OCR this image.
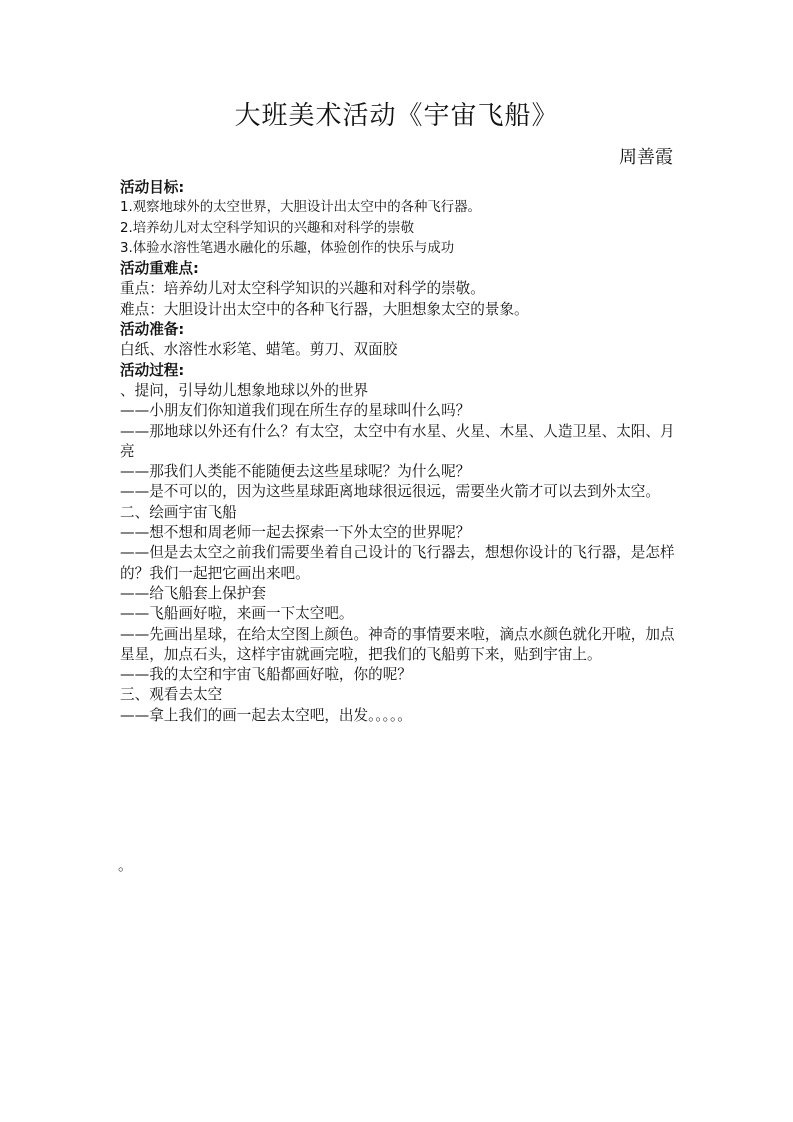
大班美术活动《宇宙飞船》
周善霞
活动目标:
1.观察地球外的太空世界，大胆设计出太空中的各种飞行器。
2.培养幼儿对太空科学知识的兴趣和对科学的崇敬
3.体验水溶性笔遇水融化的乐趣，体验创作的快乐与成功
活动重难点:
重点：培养幼儿对太空科学知识的兴趣和对科学的崇敬。
难点：大胆设计出太空中的各种飞行器，大胆想象太空的景象。
活动准备:
白纸、水溶性水彩笔、蜡笔。剪刀、双面胶
活动过程:
、提问，引导幼儿想象地球以外的世界
——小朋友们你知道我们现在所生存的星球叫什么吗？
——那地球以外还有什么？有太空，太空中有水星、火星、木星、人造卫星、太阳、月亮
——那我们人类能不能随便去这些星球呢？为什么呢？
——是不可以的，因为这些星球距离地球很远很远，需要坐火箭才可以去到外太空。
二、绘画宇宙飞船
——想不想和周老师一起去探索一下外太空的世界呢？
——但是去太空之前我们需要坐着自己设计的飞行器去，想想你设计的飞行器，是怎样的？我们一起把它画出来吧。
——给飞船套上保护套
——飞船画好啦，来画一下太空吧。
——先画出星球，在给太空图上颜色。神奇的事情要来啦，滴点水颜色就化开啦，加点星星，加点石头，这样宇宙就画完啦，把我们的飞船剪下来，贴到宇宙上。
——我的太空和宇宙飞船都画好啦，你的呢？
三、观看去太空
——拿上我们的画一起去太空吧，出发。。。。。
。
